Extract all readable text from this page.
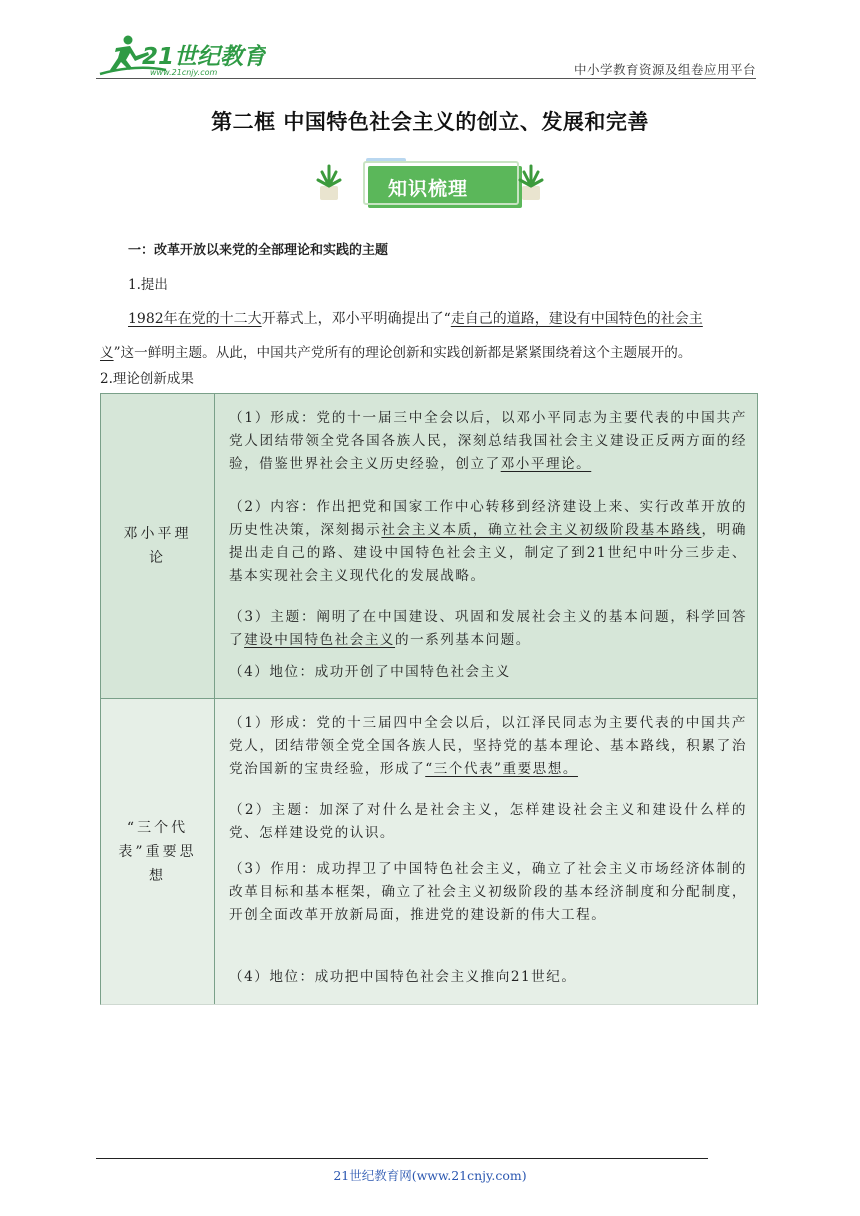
21世纪教育
www.21cnjy.com	中小学教育资源及组卷应用平台
第二框 中国特色社会主义的创立、发展和完善
知识梳理
一：改革开放以来党的全部理论和实践的主题
1.提出
1982年在党的十二大开幕式上，邓小平明确提出了“走自己的道路，建设有中国特色的社会主
义”这一鲜明主题。从此，中国共产党所有的理论创新和实践创新都是紧紧围绕着这个主题展开的。
2.理论创新成果
邓小平理
论
（1）形成：党的十一届三中全会以后，以邓小平同志为主要代表的中国共产党人团结带领全党各国各族人民，深刻总结我国社会主义建设正反两方面的经验，借鉴世界社会主义历史经验，创立了邓小平理论。
（2）内容：作出把党和国家工作中心转移到经济建设上来、实行改革开放的历史性决策，深刻揭示社会主义本质，确立社会主义初级阶段基本路线，明确提出走自己的路、建设中国特色社会主义，制定了到21世纪中叶分三步走、基本实现社会主义现代化的发展战略。
（3）主题：阐明了在中国建设、巩固和发展社会主义的基本问题，科学回答了建设中国特色社会主义的一系列基本问题。
（4）地位：成功开创了中国特色社会主义
“三个代
表”重要思
想
（1）形成：党的十三届四中全会以后，以江泽民同志为主要代表的中国共产党人，团结带领全党全国各族人民，坚持党的基本理论、基本路线，积累了治党治国新的宝贵经验，形成了“三个代表”重要思想。
（2）主题：加深了对什么是社会主义，怎样建设社会主义和建设什么样的党、怎样建设党的认识。
（3）作用：成功捍卫了中国特色社会主义，确立了社会主义市场经济体制的改革目标和基本框架，确立了社会主义初级阶段的基本经济制度和分配制度，开创全面改革开放新局面，推进党的建设新的伟大工程。
（4）地位：成功把中国特色社会主义推向21世纪。
21世纪教育网(www.21cnjy.com)
